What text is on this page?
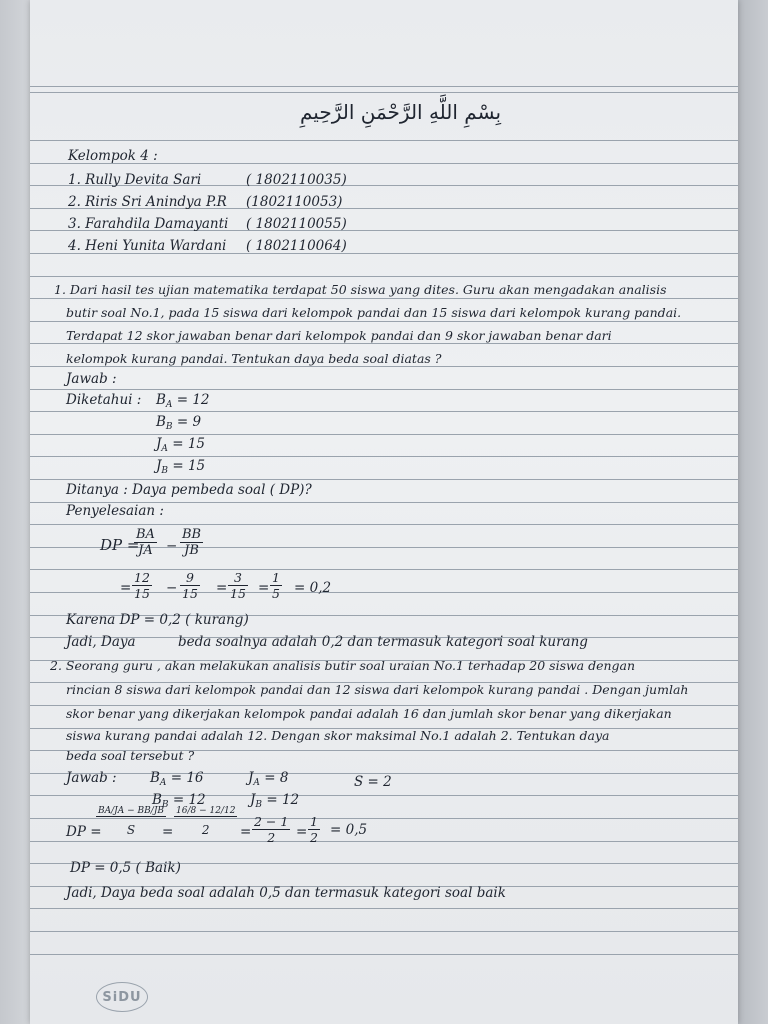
بِسْمِ اللَّهِ الرَّحْمَنِ الرَّحِيمِ
Kelompok 4 :
1. Rully Devita Sari	( 1802110035)
2. Riris Sri Anindya P.R (1802110053)
3. Farahdila Damayanti ( 1802110055)
4. Heni Yunita Wardani ( 1802110064)
1. Dari hasil tes ujian matematika terdapat 50 siswa yang dites. Guru akan mengadakan analisis
butir soal No.1, pada 15 siswa dari kelompok pandai dan 15 siswa dari kelompok kurang pandai.
Terdapat 12 skor jawaban benar dari kelompok pandai dan 9 skor jawaban benar dari
kelompok kurang pandai. Tentukan daya beda soal diatas ?
Jawab :
Diketahui : $B_A = 12$
$B_B = 9$
$J_A = 15$
$J_B = 15$
Ditanya : Daya pembeda soal ( DP)?
Penyelesaian :
DP =
$\frac{BA}{JA} - \frac{BB}{JB}$
= $\frac{12}{15} - \frac{9}{15} = \frac{3}{15} = \frac{1}{5} = 0,2$
Karena DP = 0,2 ( kurang)
Jadi, Daya	beda soalnya adalah 0,2 dan termasuk kategori soal kurang
2. Seorang guru , akan melakukan analisis butir soal uraian No.1 terhadap 20 siswa dengan
rincian 8 siswa dari kelompok pandai dan 12 siswa dari kelompok kurang pandai . Dengan jumlah
skor benar yang dikerjakan kelompok pandai adalah 16 dan jumlah skor benar yang dikerjakan
siswa kurang pandai adalah 12. Dengan skor maksimal No.1 adalah 2. Tentukan daya
beda soal tersebut ?
Jawab : $B_A = 16$	$J_A = 8$	S = 2
$B_B = 12$	$J_B = 12$
DP =
BA/JA − BB/JB
S	=
16/8 − 12/12
2	= $\frac{2 - 1}{2} = \frac{1}{2} = 0,5$
DP = 0,5 ( Baik)
Jadi, Daya beda soal adalah 0,5 dan termasuk kategori soal baik
SiDU
